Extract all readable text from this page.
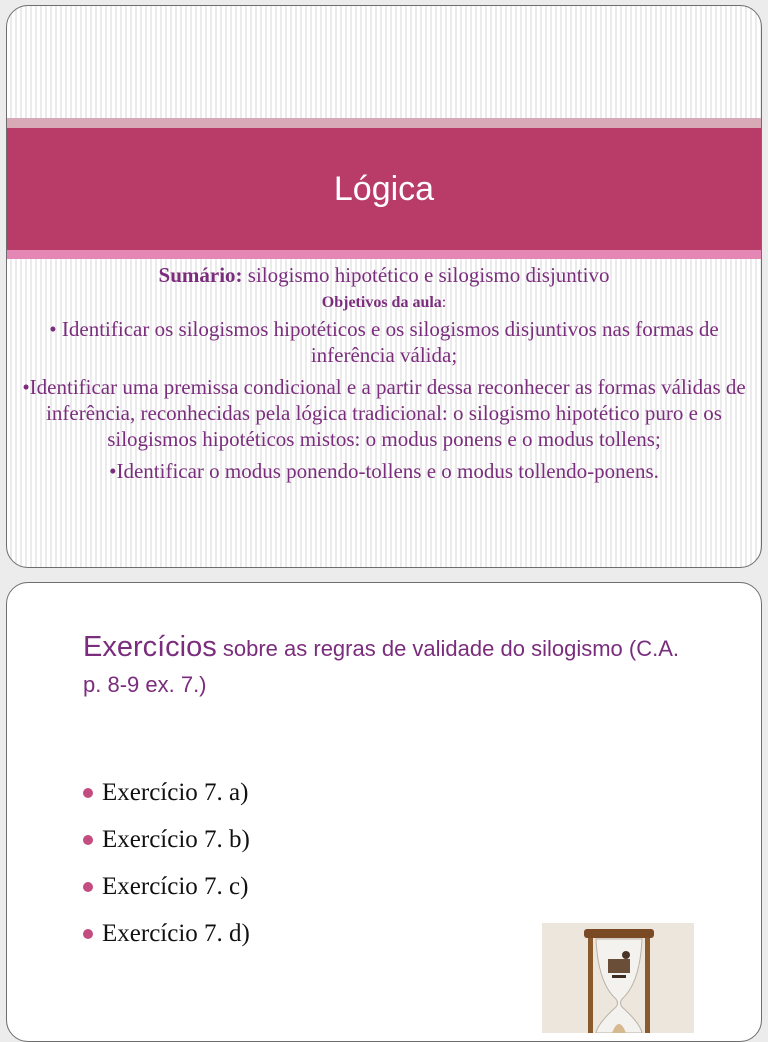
Lógica

Sumário: silogismo hipotético e silogismo disjuntivo

Objetivos da aula:

• Identificar os silogismos hipotéticos e os silogismos disjuntivos nas formas de inferência válida;

•Identificar uma premissa condicional e a partir dessa reconhecer as formas válidas de inferência, reconhecidas pela lógica tradicional: o silogismo hipotético puro e os silogismos hipotéticos mistos: o modus ponens e o modus tollens;

•Identificar o modus ponendo-tollens e o modus tollendo-ponens.

Exercícios sobre as regras de validade do silogismo (C.A. p. 8-9 ex. 7.)
Exercício 7. a)
Exercício 7. b)
Exercício 7. c)
Exercício 7. d)
